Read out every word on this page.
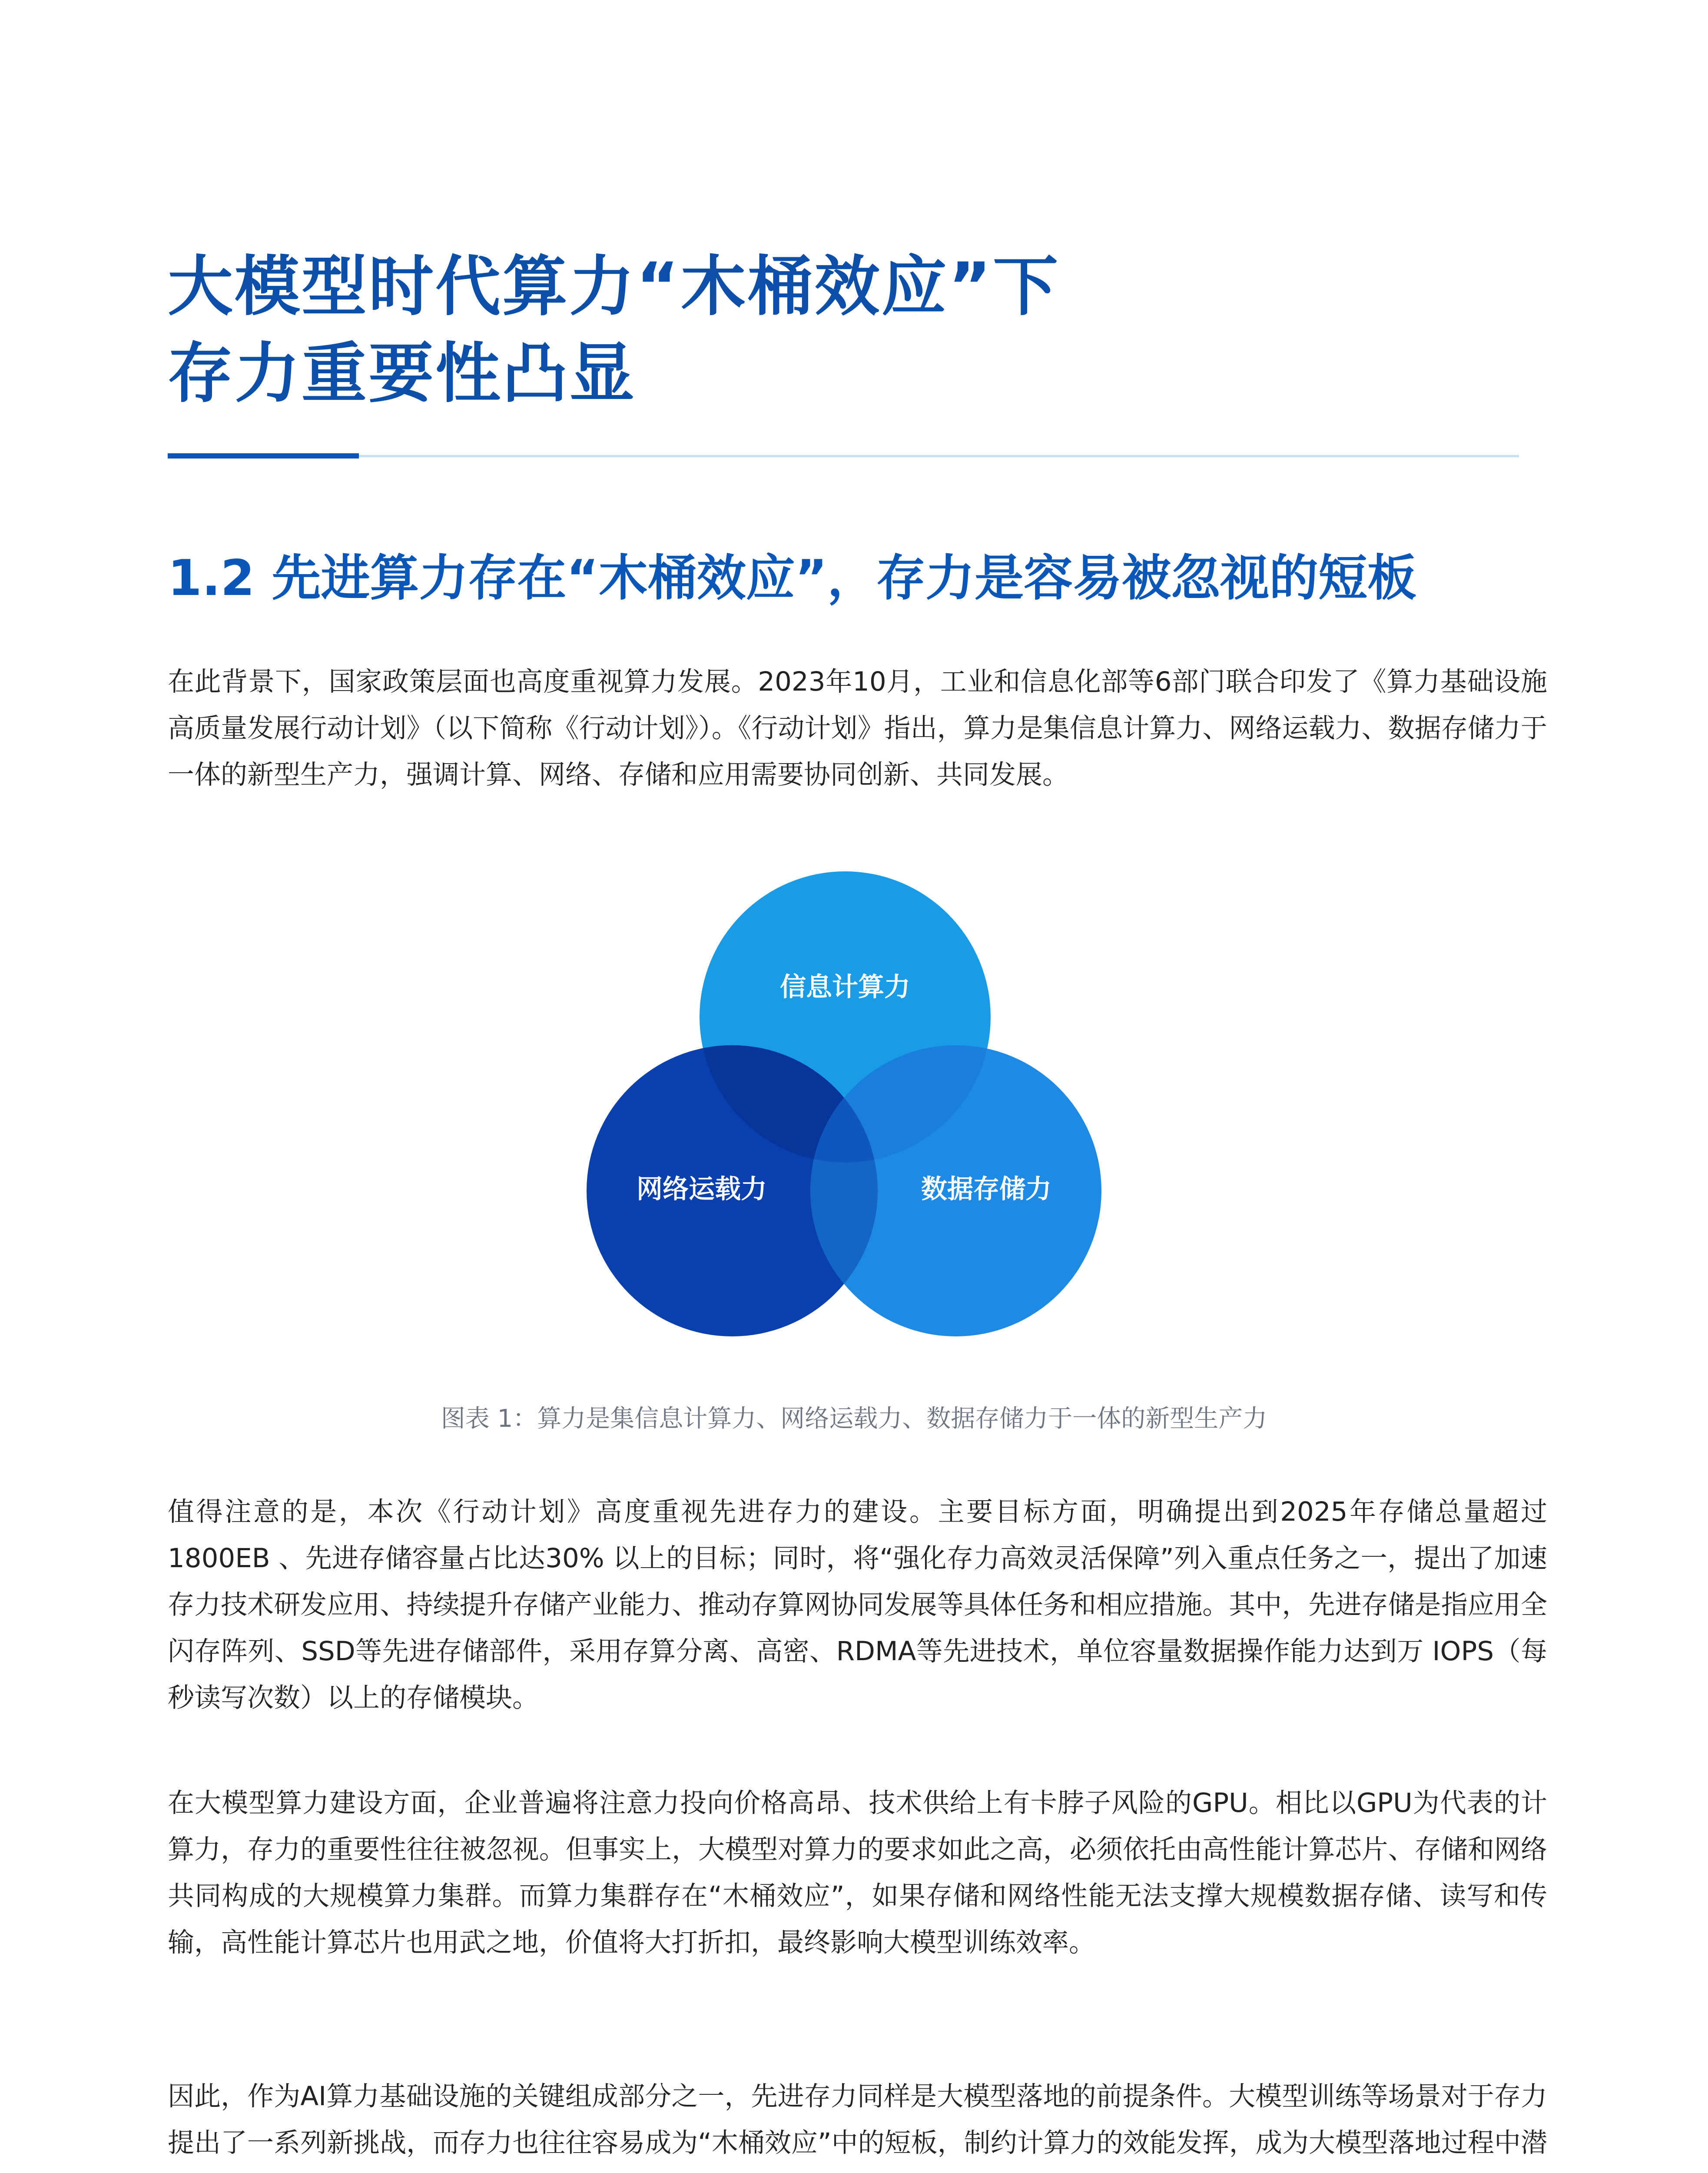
大模型时代算力“木桶效应”下
存力重要性凸显
1.2 先进算力存在“木桶效应”，存力是容易被忽视的短板

在此背景下，国家政策层面也高度重视算力发展。2023年10月，工业和信息化部等6部门联合印发了《算力基础设施高质量发展行动计划》（以下简称《行动计划》）。《行动计划》指出，算力是集信息计算力、网络运载力、数据存储力于一体的新型生产力，强调计算、网络、存储和应用需要协同创新、共同发展。

信息计算力
网络运载力	数据存储力

图表 1：算力是集信息计算力、网络运载力、数据存储力于一体的新型生产力

值得注意的是，本次《行动计划》高度重视先进存力的建设。主要目标方面，明确提出到2025年存储总量超过 1800EB 、先进存储容量占比达30% 以上的目标；同时，将“强化存力高效灵活保障”列入重点任务之一，提出了加速存力技术研发应用、持续提升存储产业能力、推动存算网协同发展等具体任务和相应措施。其中，先进存储是指应用全闪存阵列、SSD等先进存储部件，采用存算分离、高密、RDMA等先进技术，单位容量数据操作能力达到万 IOPS（每秒读写次数）以上的存储模块。

在大模型算力建设方面，企业普遍将注意力投向价格高昂、技术供给上有卡脖子风险的GPU。相比以GPU为代表的计算力，存力的重要性往往被忽视。但事实上，大模型对算力的要求如此之高，必须依托由高性能计算芯片、存储和网络共同构成的大规模算力集群。而算力集群存在“木桶效应”，如果存储和网络性能无法支撑大规模数据存储、读写和传输，高性能计算芯片也用武之地，价值将大打折扣，最终影响大模型训练效率。

因此，作为AI算力基础设施的关键组成部分之一，先进存力同样是大模型落地的前提条件。大模型训练等场景对于存力提出了一系列新挑战，而存力也往往容易成为“木桶效应”中的短板，制约计算力的效能发挥，成为大模型落地过程中潜
